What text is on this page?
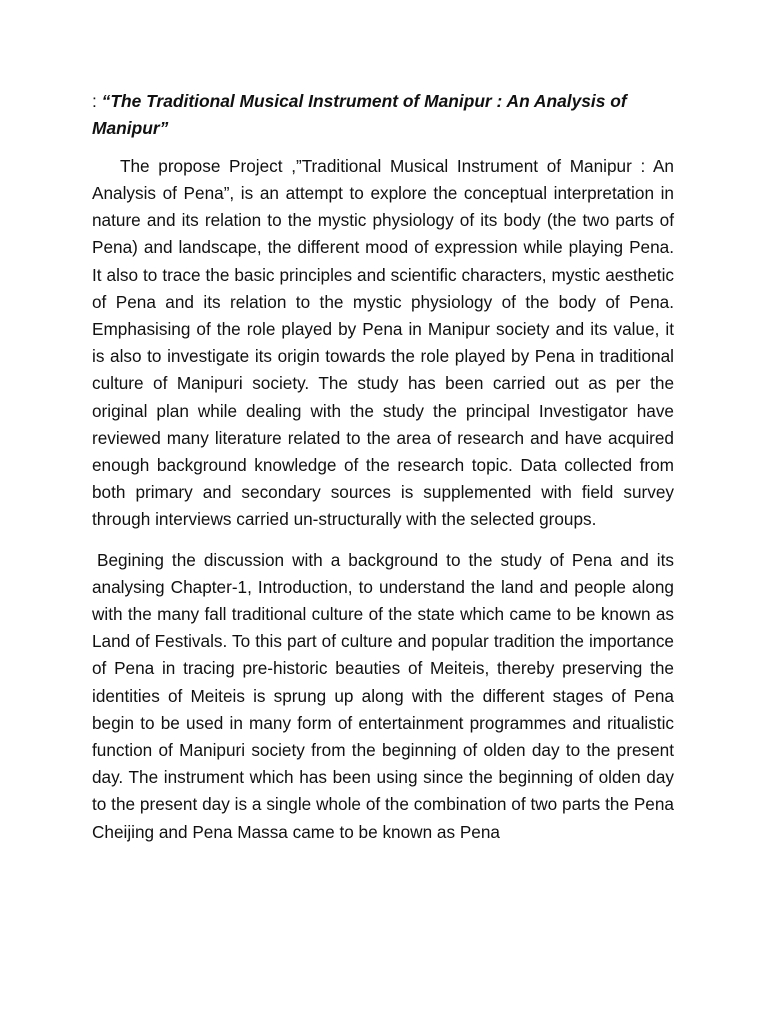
: “The Traditional Musical Instrument of Manipur : An Analysis of Manipur”

The propose Project ,”Traditional Musical Instrument of Manipur : An Analysis of Pena”, is an attempt to explore the conceptual interpretation in nature and its relation to the mystic physiology of its body (the two parts of Pena) and landscape, the different mood of expression while playing Pena. It also to trace the basic principles and scientific characters, mystic aesthetic of Pena and its relation to the mystic physiology of the body of Pena. Emphasising of the role played by Pena in Manipur society and its value, it is also to investigate its origin towards the role played by Pena in traditional culture of Manipuri society. The study has been carried out as per the original plan while dealing with the study the principal Investigator have reviewed many literature related to the area of research and have acquired enough background knowledge of the research topic. Data collected from both primary and secondary sources is supplemented with field survey through interviews carried un-structurally with the selected groups.

Begining the discussion with a background to the study of Pena and its analysing Chapter-1, Introduction, to understand the land and people along with the many fall traditional culture of the state which came to be known as Land of Festivals. To this part of culture and popular tradition the importance of Pena in tracing pre-historic beauties of Meiteis, thereby preserving the identities of Meiteis is sprung up along with the different stages of Pena begin to be used in many form of entertainment programmes and ritualistic function of Manipuri society from the beginning of olden day to the present day. The instrument which has been using since the beginning of olden day to the present day is a single whole of the combination of two parts the Pena Cheijing and Pena Massa came to be known as Pena
